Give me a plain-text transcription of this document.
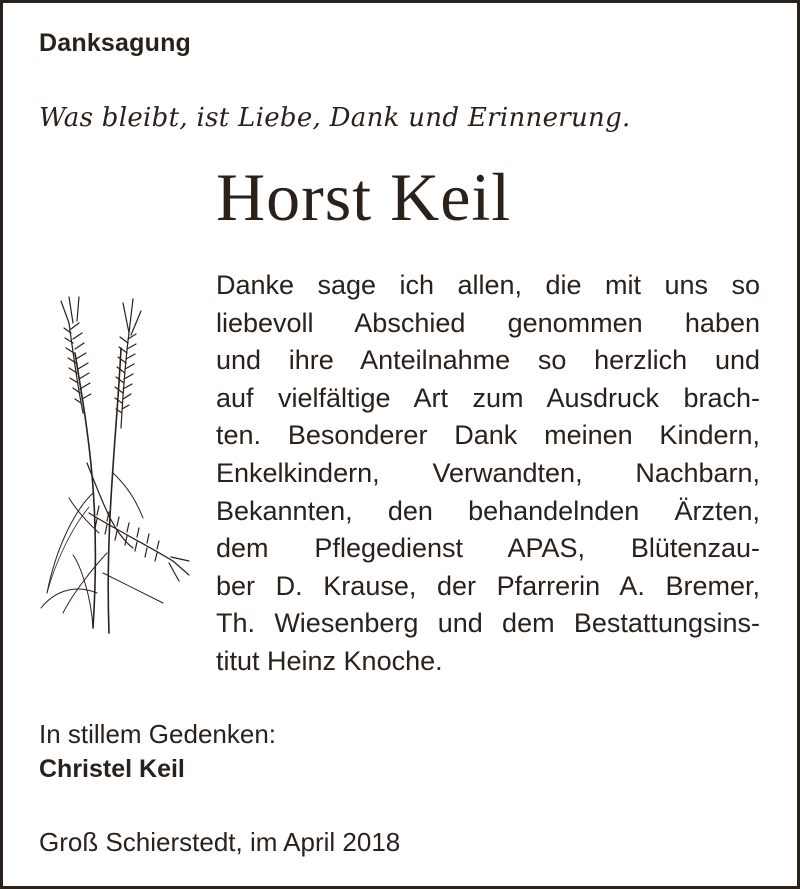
Danksagung
Was bleibt, ist Liebe, Dank und Erinnerung.
Horst Keil

Danke sage ich allen, die mit uns so
liebevoll Abschied genommen haben
und ihre Anteilnahme so herzlich und
auf vielfältige Art zum Ausdruck brach-
ten. Besonderer Dank meinen Kindern,
Enkelkindern, Verwandten, Nachbarn,
Bekannten, den behandelnden Ärzten,
dem Pflegedienst APAS, Blütenzau-
ber D. Krause, der Pfarrerin A. Bremer,
Th. Wiesenberg und dem Bestattungsins-
titut Heinz Knoche.

In stillem Gedenken:
Christel Keil
Groß Schierstedt, im April 2018
